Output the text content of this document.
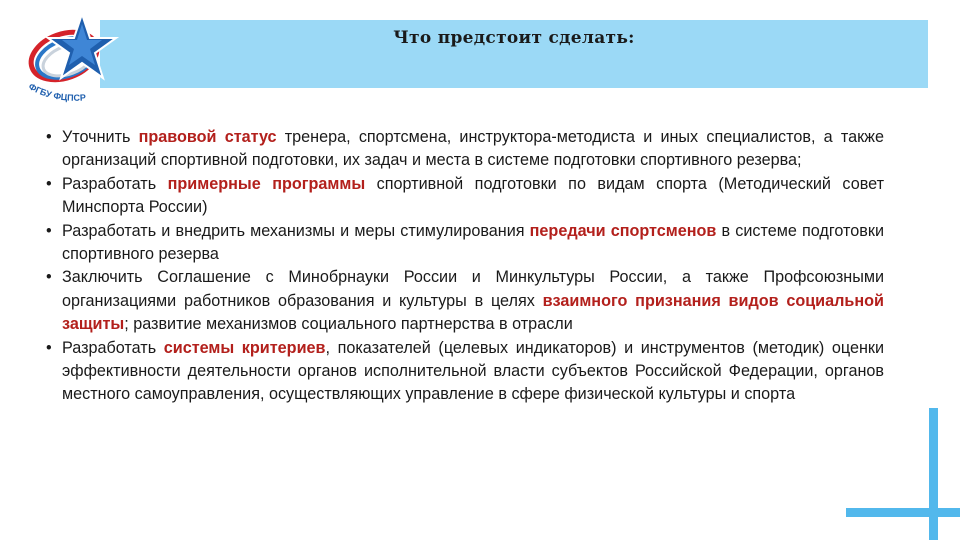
Что предстоит сделать:
ФГБУ ФЦПСР
• Уточнить правовой статус тренера, спортсмена, инструктора-методиста и иных специалистов, а также организаций спортивной подготовки, их задач и места в системе подготовки спортивного резерва;
• Разработать примерные программы спортивной подготовки по видам спорта (Методический совет Минспорта России)
• Разработать и внедрить механизмы и меры стимулирования передачи спортсменов в системе подготовки спортивного резерва
• Заключить Соглашение с Минобрнауки России и Минкультуры России, а также Профсоюзными организациями работников образования и культуры в целях взаимного признания видов социальной защиты; развитие механизмов социального партнерства в отрасли
• Разработать системы критериев, показателей (целевых индикаторов) и инструментов (методик) оценки эффективности деятельности органов исполнительной власти субъектов Российской Федерации, органов местного самоуправления, осуществляющих управление в сфере физической культуры и спорта
